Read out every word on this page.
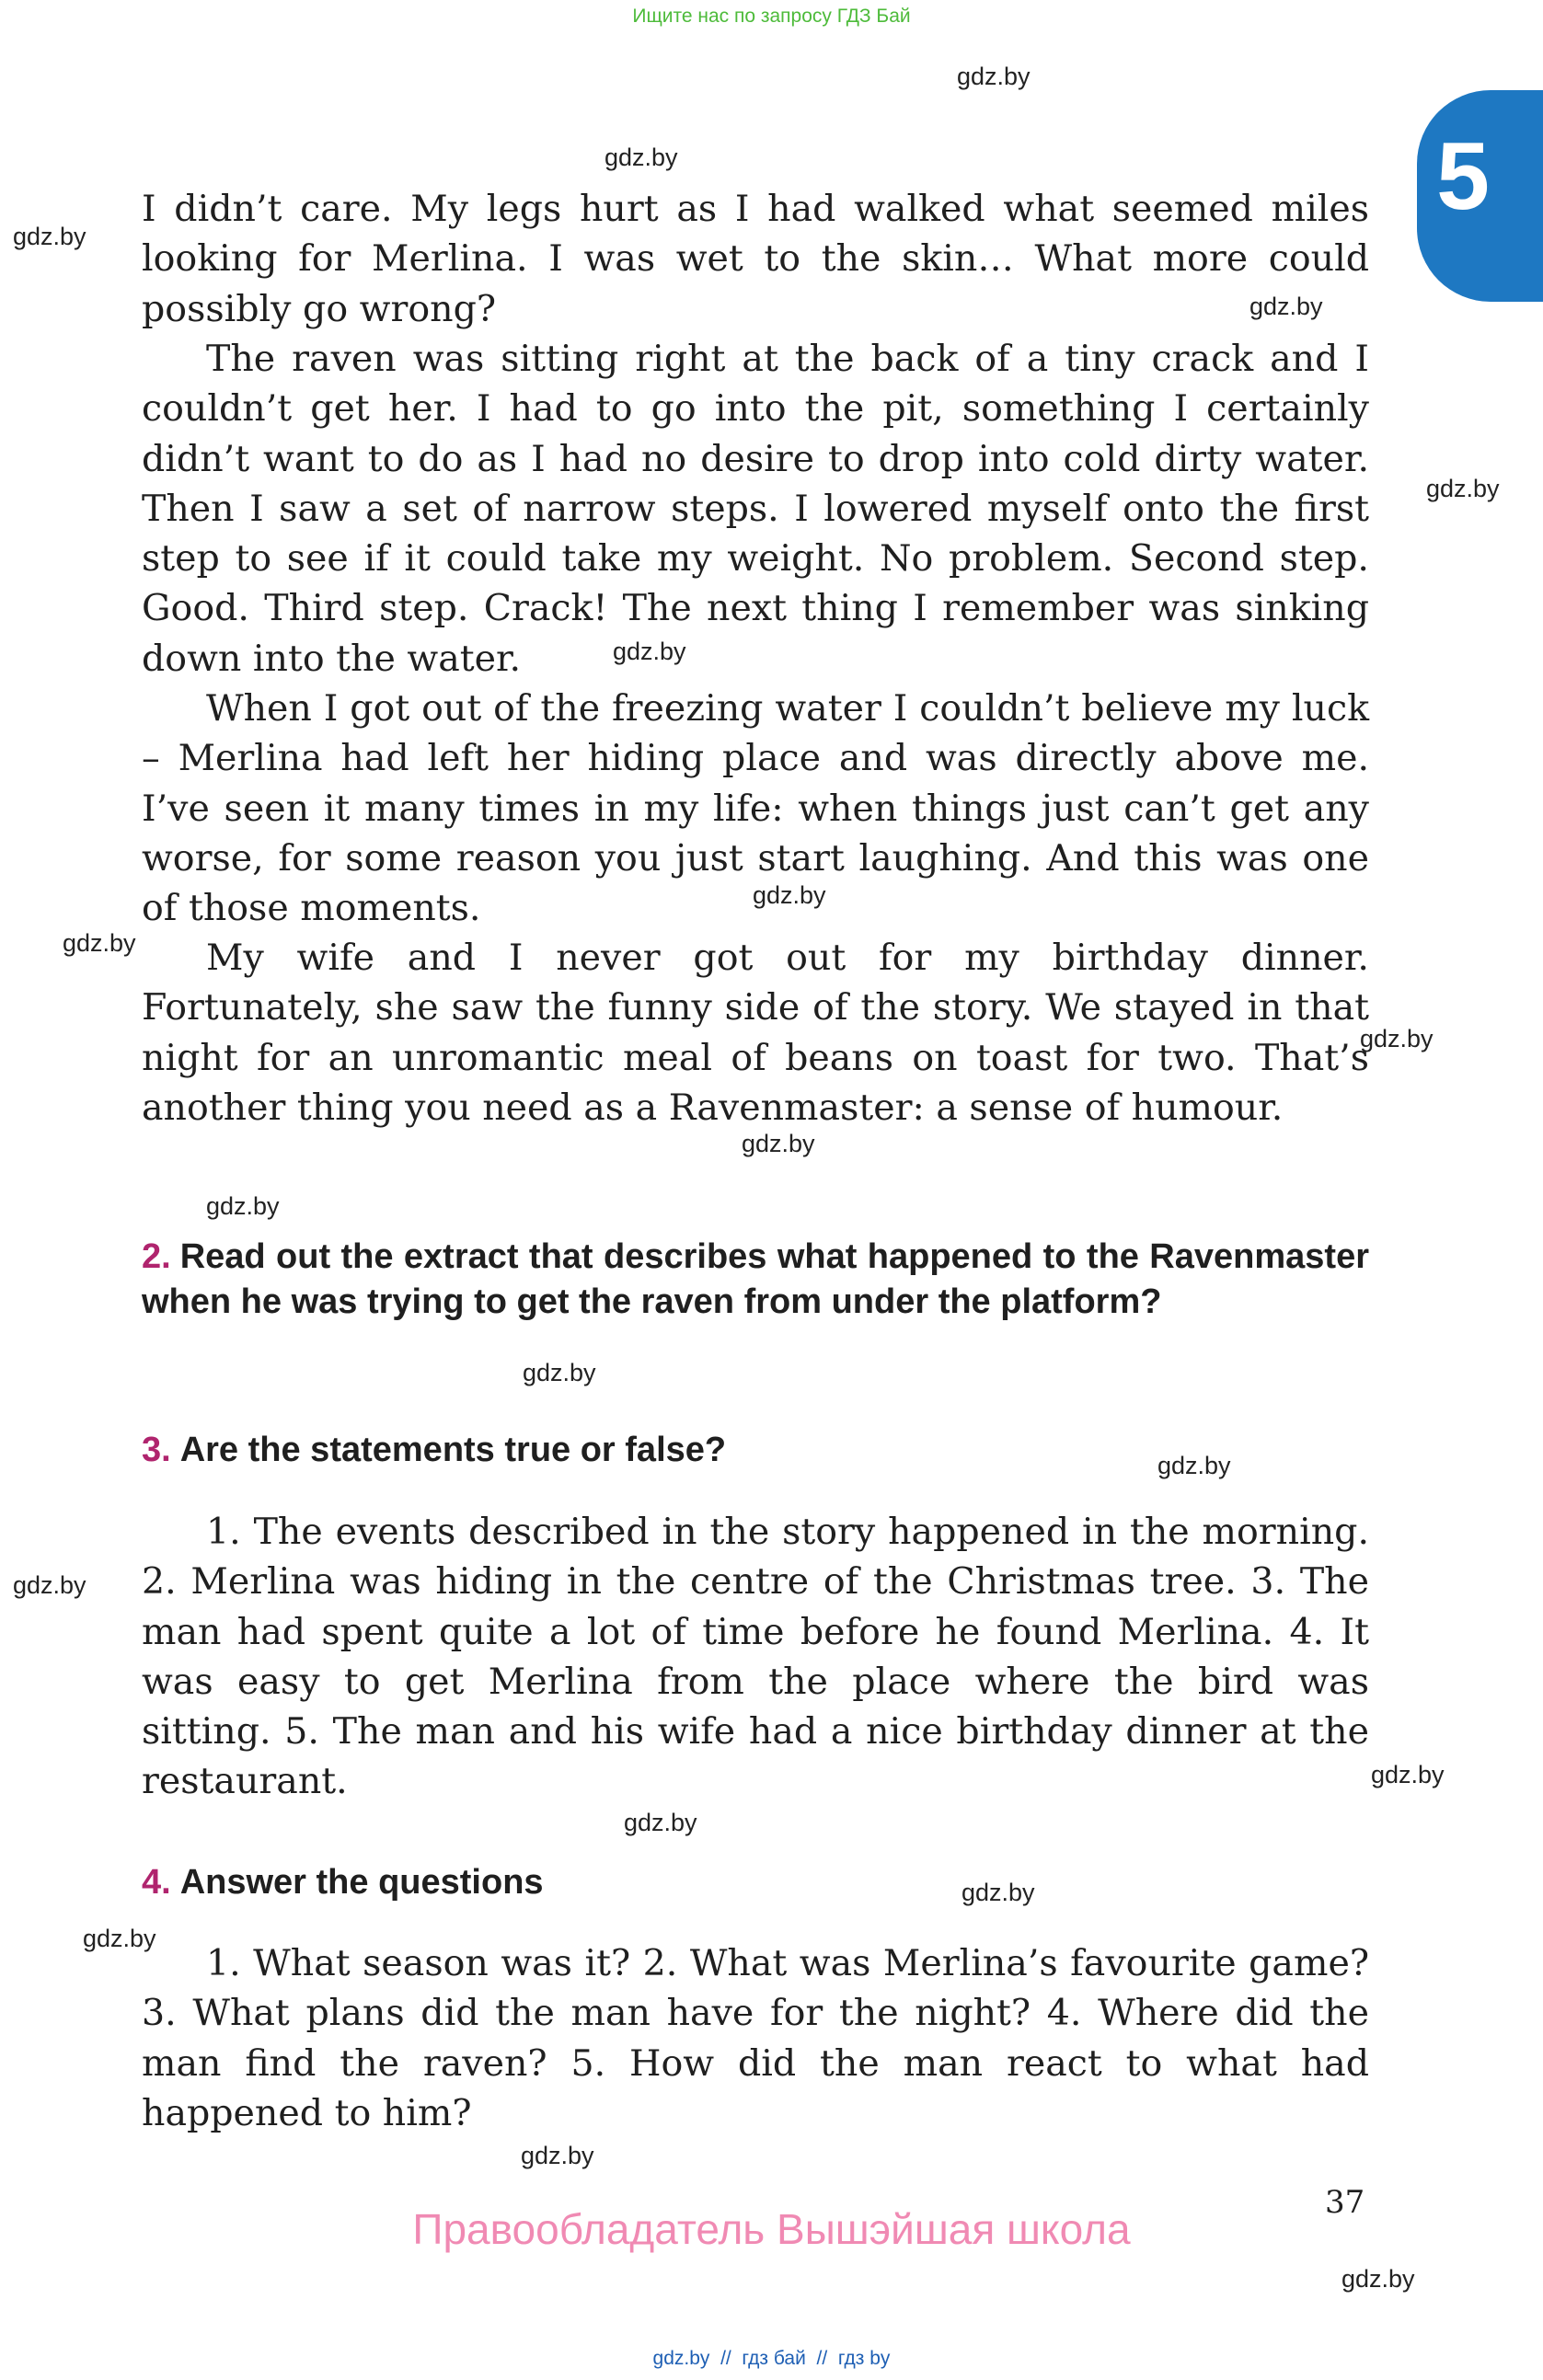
Ищите нас по запросу ГДЗ Бай
5
gdz.by
gdz.by
gdz.by
gdz.by
gdz.by
gdz.by
gdz.by
gdz.by
gdz.by
gdz.by
gdz.by
gdz.by
gdz.by
gdz.by
gdz.by
gdz.by
gdz.by
gdz.by
gdz.by
gdz.by

I didn’t care. My legs hurt as I had walked what seemed miles looking for Merlina. I was wet to the skin… What more could possibly go wrong?

The raven was sitting right at the back of a tiny crack and I couldn’t get her. I had to go into the pit, something I certainly didn’t want to do as I had no desire to drop into cold dirty water. Then I saw a set of narrow steps. I lowered myself onto the first step to see if it could take my weight. No problem. Second step. Good. Third step. Crack! The next thing I remember was sinking down into the water.

When I got out of the freezing water I couldn’t believe my luck – Merlina had left her hiding place and was directly above me. I’ve seen it many times in my life: when things just can’t get any worse, for some reason you just start laughing. And this was one of those moments.

My wife and I never got out for my birthday dinner. Fortunately, she saw the funny side of the story. We stayed in that night for an unromantic meal of beans on toast for two. That’s another thing you need as a Ravenmaster: a sense of humour.

2. Read out the extract that describes what happened to the Ravenmaster when he was trying to get the raven from under the platform?

3. Are the statements true or false?

1. The events described in the story happened in the morning. 2. Merlina was hiding in the centre of the Christmas tree. 3. The man had spent quite a lot of time before he found Merlina. 4. It was easy to get Merlina from the place where the bird was sitting. 5. The man and his wife had a nice birthday dinner at the restaurant.

4. Answer the questions

1. What season was it? 2. What was Merlina’s favourite game? 3. What plans did the man have for the night? 4. Where did the man find the raven? 5. How did the man react to what had happened to him?

37
Правообладатель Вышэйшая школа
gdz.by  //  гдз бай  //  гдз by
